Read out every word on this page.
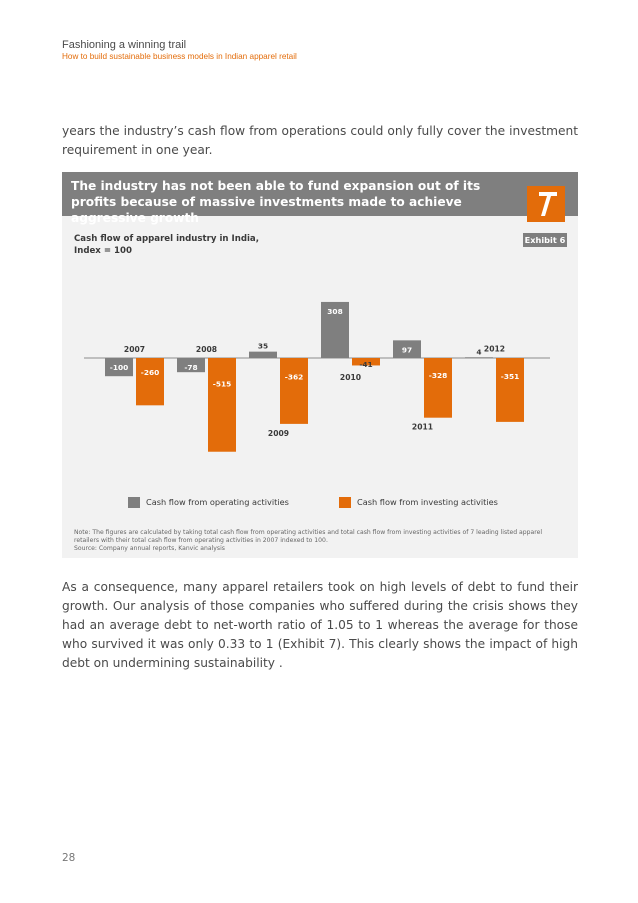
Fashioning a winning trail
How to build sustainable business models in Indian apparel retail
years the industry’s cash flow from operations could only fully cover the investment requirement in one year.
The industry has not been able to fund expansion out of its profits because of massive investments made to achieve aggressive growth
Cash flow of apparel industry in India, Index = 100
Exhibit 6
-100
-260
2007
-78
-515
2008	35
-362
2009
308
-41
2010
97
-328
2011
4
-351
2012
Cash flow from operating activities	Cash flow from investing activities
Note: The figures are calculated by taking total cash flow from operating activities and total cash flow from investing activities of 7 leading listed apparel retailers with their total cash flow from operating activities in 2007 indexed to 100.
Source: Company annual reports, Kanvic analysis
As a consequence, many apparel retailers took on high levels of debt to fund their growth. Our analysis of those companies who suffered during the crisis shows they had an average debt to net-worth ratio of 1.05 to 1 whereas the average for those who survived it was only 0.33 to 1 (Exhibit 7). This clearly shows the impact of high debt on undermining sustainability .
28
